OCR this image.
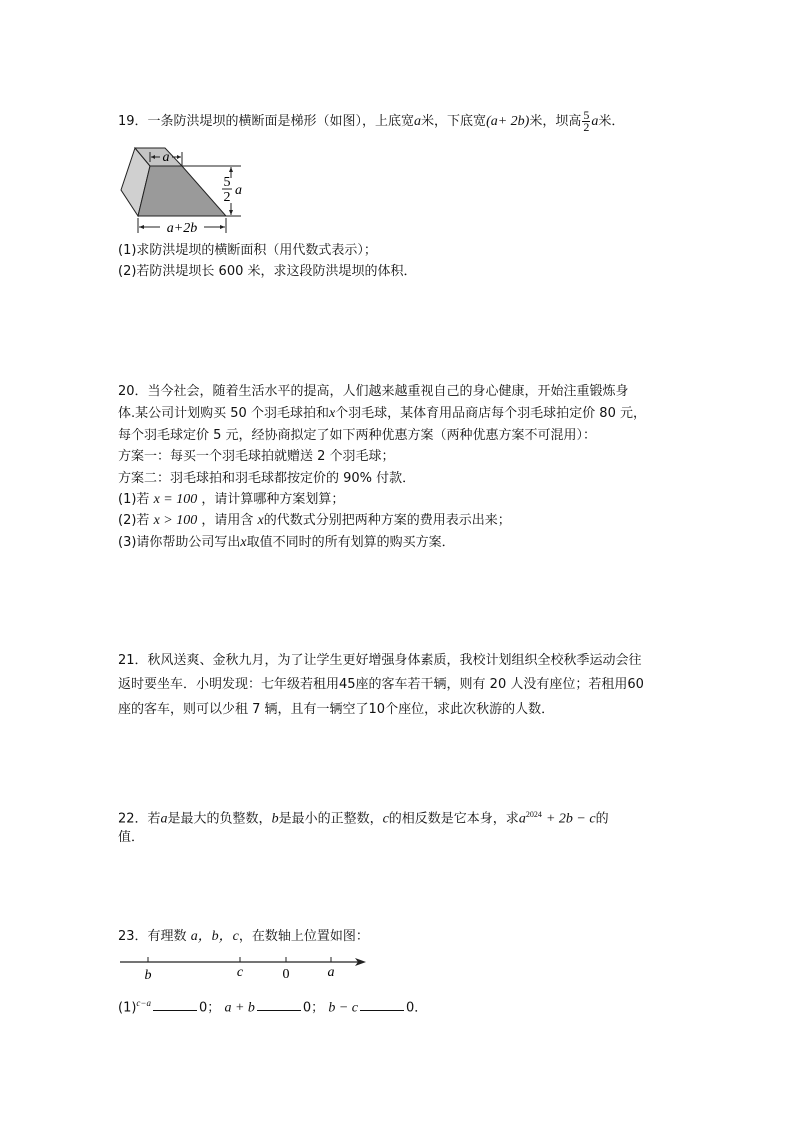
19．一条防洪堤坝的横断面是梯形（如图），上底宽a米，下底宽(a+ 2b)米，坝高 $\frac{5}{2}$ a米．
a
5
2 a
a+2b
b	c	0	a
(1)求防洪堤坝的横断面积（用代数式表示）；
(2)若防洪堤坝长 600 米，求这段防洪堤坝的体积．
20．当今社会，随着生活水平的提高，人们越来越重视自己的身心健康，开始注重锻炼身
体.某公司计划购买 50 个羽毛球拍和x个羽毛球，某体育用品商店每个羽毛球拍定价 80 元，
每个羽毛球定价 5 元，经协商拟定了如下两种优惠方案（两种优惠方案不可混用）：
方案一：每买一个羽毛球拍就赠送 2 个羽毛球；
方案二：羽毛球拍和羽毛球都按定价的 90% 付款．
(1)若 x = 100 ，请计算哪种方案划算；
(2)若 x > 100 ，请用含 x的代数式分别把两种方案的费用表示出来；
(3)请你帮助公司写出x取值不同时的所有划算的购买方案．
21．秋风送爽、金秋九月，为了让学生更好增强身体素质，我校计划组织全校秋季运动会往
返时要坐车．小明发现：七年级若租用45座的客车若干辆，则有 20 人没有座位；若租用60
座的客车，则可以少租 7 辆，且有一辆空了10个座位，求此次秋游的人数．
22．若a是最大的负整数，b是最小的正整数，c的相反数是它本身，求$a^{2024} + 2b - c$的
值．
23．有理数 a，b，c，在数轴上位置如图：
$(1)^{c-a}$	0； a + b	0； b − c	0．
